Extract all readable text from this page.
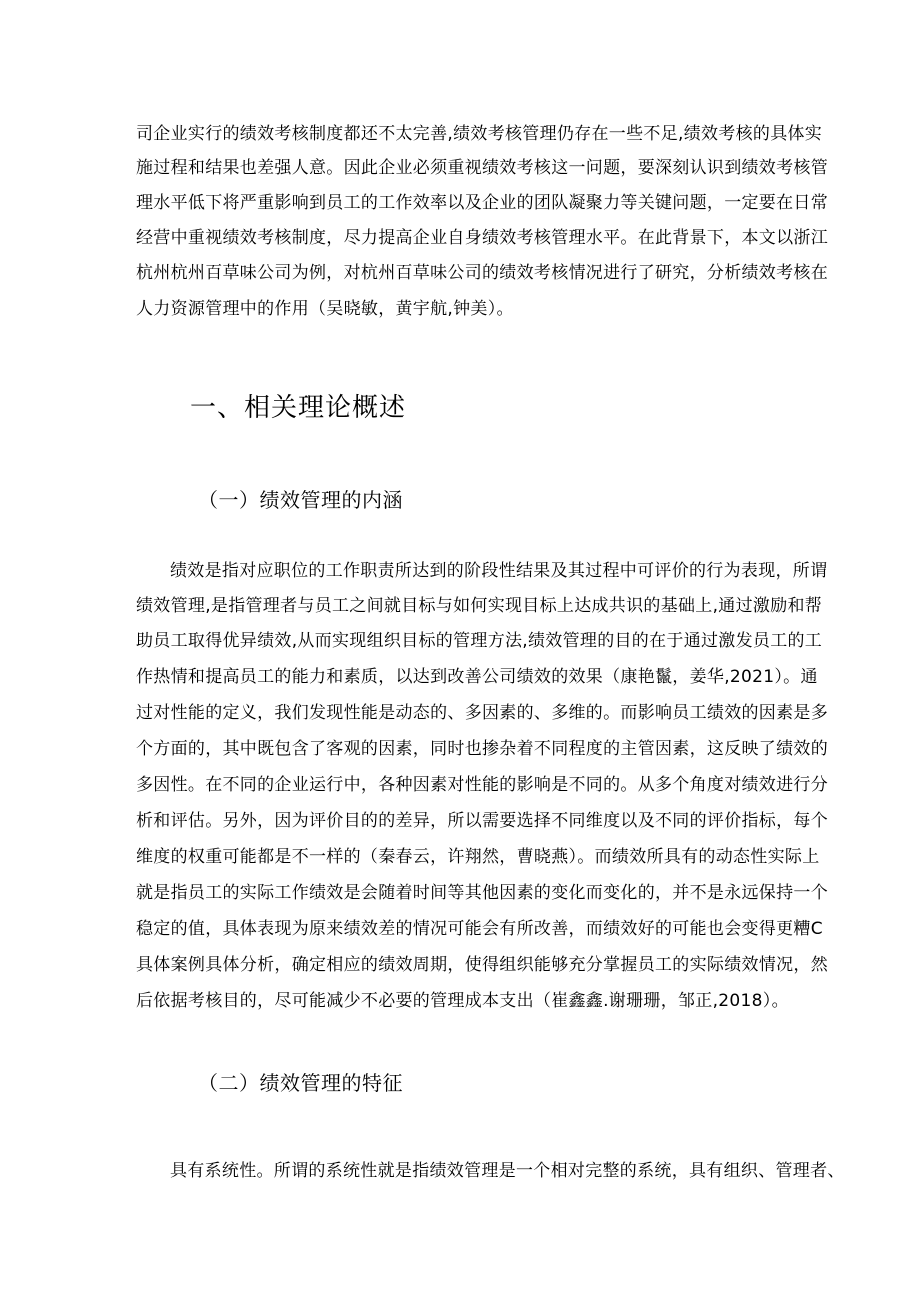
司企业实行的绩效考核制度都还不太完善,绩效考核管理仍存在一些不足,绩效考核的具体实
施过程和结果也差强人意。因此企业必须重视绩效考核这一问题，要深刻认识到绩效考核管
理水平低下将严重影响到员工的工作效率以及企业的团队凝聚力等关键问题，一定要在日常
经营中重视绩效考核制度，尽力提高企业自身绩效考核管理水平。在此背景下，本文以浙江
杭州杭州百草味公司为例，对杭州百草味公司的绩效考核情况进行了研究，分析绩效考核在
人力资源管理中的作用（吴晓敏，黄宇航,钟美）。
一、相关理论概述
（一）绩效管理的内涵
绩效是指对应职位的工作职责所达到的阶段性结果及其过程中可评价的行为表现，所谓
绩效管理,是指管理者与员工之间就目标与如何实现目标上达成共识的基础上,通过激励和帮
助员工取得优异绩效,从而实现组织目标的管理方法,绩效管理的目的在于通过激发员工的工
作热情和提高员工的能力和素质，以达到改善公司绩效的效果（康艳鬣，姜华,2021）。通
过对性能的定义，我们发现性能是动态的、多因素的、多维的。而影响员工绩效的因素是多
个方面的，其中既包含了客观的因素，同时也掺杂着不同程度的主管因素，这反映了绩效的
多因性。在不同的企业运行中，各种因素对性能的影响是不同的。从多个角度对绩效进行分
析和评估。另外，因为评价目的的差异，所以需要选择不同维度以及不同的评价指标，每个
维度的权重可能都是不一样的（秦春云，许翔然，曹晓燕）。而绩效所具有的动态性实际上
就是指员工的实际工作绩效是会随着时间等其他因素的变化而变化的，并不是永远保持一个
稳定的值，具体表现为原来绩效差的情况可能会有所改善，而绩效好的可能也会变得更糟C
具体案例具体分析，确定相应的绩效周期，使得组织能够充分掌握员工的实际绩效情况，然
后依据考核目的，尽可能减少不必要的管理成本支出（崔鑫鑫.谢珊珊，邹正,2018）。
（二）绩效管理的特征
具有系统性。所谓的系统性就是指绩效管理是一个相对完整的系统，具有组织、管理者、
